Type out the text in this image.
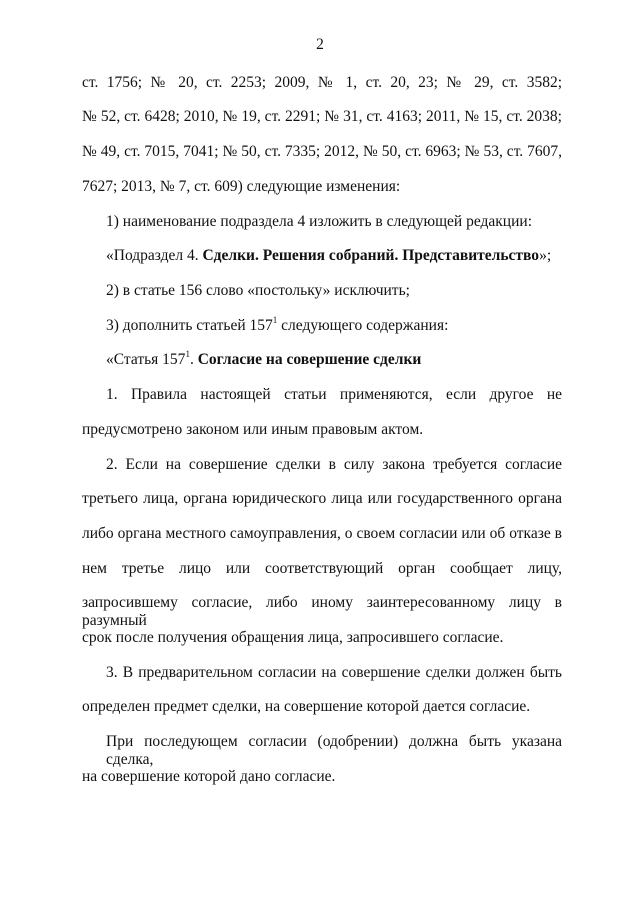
2
ст. 1756; № 20, ст. 2253; 2009, № 1, ст. 20, 23; № 29, ст. 3582;
№ 52, ст. 6428; 2010, № 19, ст. 2291; № 31, ст. 4163; 2011, № 15, ст. 2038;
№ 49, ст. 7015, 7041; № 50, ст. 7335; 2012, № 50, ст. 6963; № 53, ст. 7607,
7627; 2013, № 7, ст. 609) следующие изменения:
1) наименование подраздела 4 изложить в следующей редакции:
«Подраздел 4. Сделки. Решения собраний. Представительство»;
2) в статье 156 слово «постольку» исключить;
3) дополнить статьей $157^1$ следующего содержания:
«Статья $157^1$. Согласие на совершение сделки
1. Правила настоящей статьи применяются, если другое не
предусмотрено законом или иным правовым актом.
2. Если на совершение сделки в силу закона требуется согласие
третьего лица, органа юридического лица или государственного органа
либо органа местного самоуправления, о своем согласии или об отказе в
нем третье лицо или соответствующий орган сообщает лицу,
запросившему согласие, либо иному заинтересованному лицу в разумный
срок после получения обращения лица, запросившего согласие.
3. В предварительном согласии на совершение сделки должен быть
определен предмет сделки, на совершение которой дается согласие.
При последующем согласии (одобрении) должна быть указана сделка,
на совершение которой дано согласие.
